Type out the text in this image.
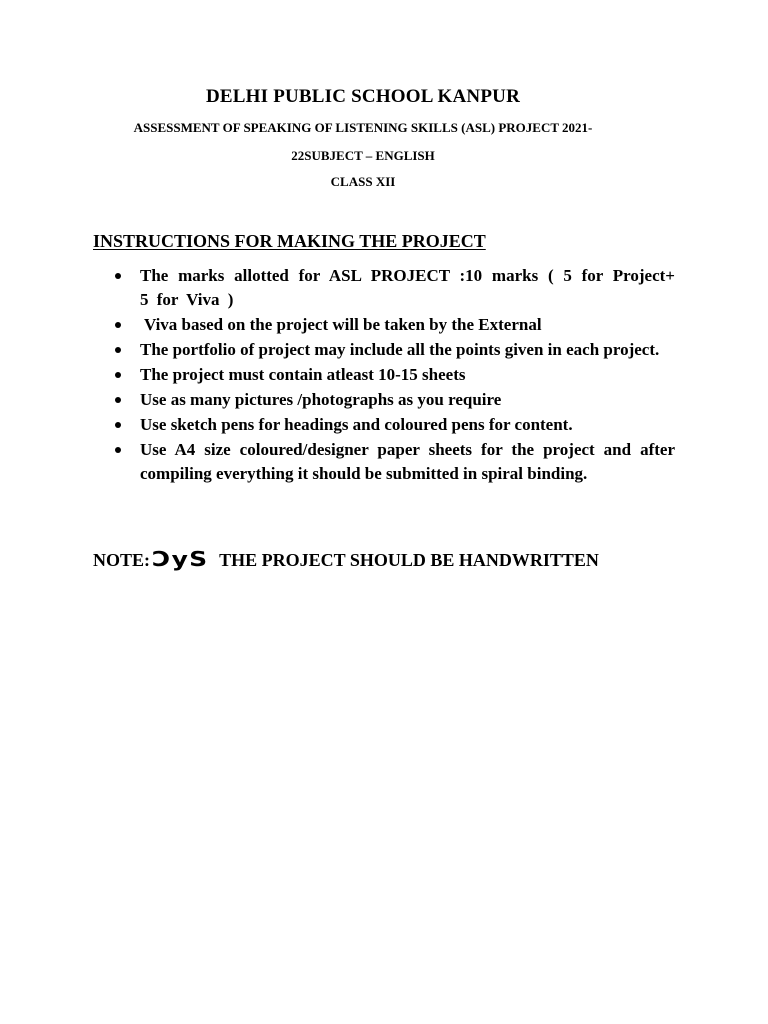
DELHI PUBLIC SCHOOL KANPUR

ASSESSMENT OF SPEAKING OF LISTENING SKILLS (ASL) PROJECT 2021-

22SUBJECT – ENGLISH

CLASS XII

INSTRUCTIONS FOR MAKING THE PROJECT

The marks allotted for ASL PROJECT :10 marks ( 5 for Project+ 5 for Viva )
Viva based on the project will be taken by the External
The portfolio of project may include all the points given in each project.
The project must contain atleast 10-15 sheets
Use as many pictures /photographs as you require
Use sketch pens for headings and coloured pens for content.
Use A4 size coloured/designer paper sheets for the project and after compiling everything it should be submitted in spiral binding.

NOTE: ƆyS THE PROJECT SHOULD BE HANDWRITTEN
